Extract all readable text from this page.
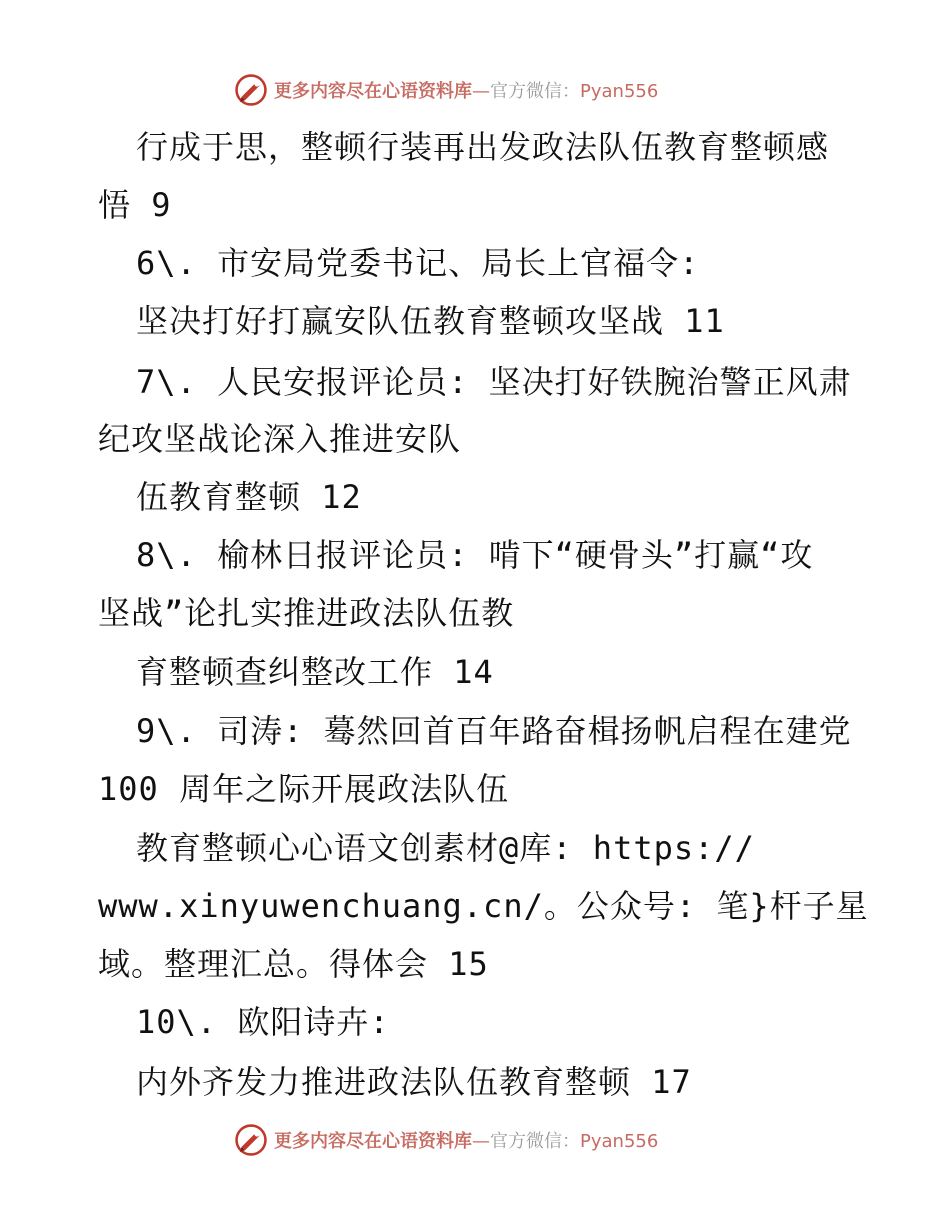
更多内容尽在心语资料库—官方微信：Pyan556
行成于思，整顿行装再出发政法队伍教育整顿感
悟 9
6\. 市安局党委书记、局长上官福令:
坚决打好打赢安队伍教育整顿攻坚战 11
7\. 人民安报评论员: 坚决打好铁腕治警正风肃
纪攻坚战论深入推进安队
伍教育整顿 12
8\. 榆林日报评论员: 啃下“硬骨头”打赢“攻
坚战”论扎实推进政法队伍教
育整顿查纠整改工作 14
9\. 司涛: 蓦然回首百年路奋楫扬帆启程在建党
100 周年之际开展政法队伍
教育整顿心心语文创素材@库: https://
www.xinyuwenchuang.cn/。公众号: 笔}杆子星
域。整理汇总。得体会 15
10\. 欧阳诗卉:
内外齐发力推进政法队伍教育整顿 17
更多内容尽在心语资料库—官方微信：Pyan556
